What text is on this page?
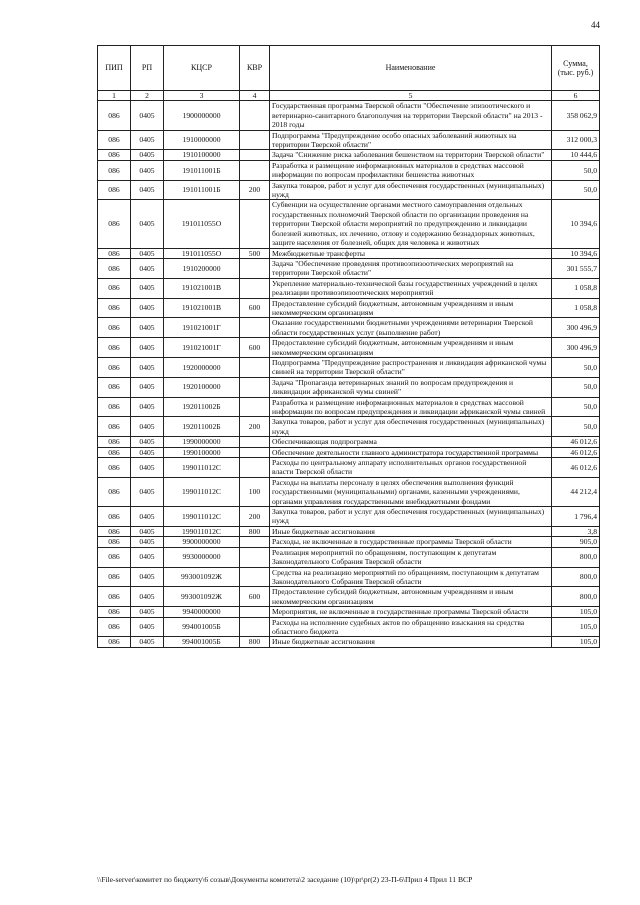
44
ПИП	РП	КЦСР	КВР	Наименование	Сумма, (тыс. руб.)
1	2	3	4	5	6
086	0405	1900000000		Государственная программа Тверской области "Обеспечение эпизоотического и ветеринарно-санитарного благополучия на территории Тверской области" на 2013 - 2018 годы	358 062,9
086	0405	1910000000		Подпрограмма "Предупреждение особо опасных заболеваний животных на территории Тверской области"	312 000,3
086	0405	1910100000		Задача "Снижение риска заболевания бешенством на территории Тверской области"	10 444,6
086	0405	191011001Б		Разработка и размещение информационных материалов в средствах массовой информации по вопросам профилактики бешенства животных	50,0
086	0405	191011001Б	200	Закупка товаров, работ и услуг для обеспечения государственных (муниципальных) нужд	50,0
086	0405	191011055О		Субвенции на осуществление органами местного самоуправления отдельных государственных полномочий Тверской области по организации проведения на территории Тверской области мероприятий по предупреждению и ликвидации болезней животных, их лечению, отлову и содержанию безнадзорных животных, защите населения от болезней, общих для человека и животных	10 394,6
086	0405	191011055О	500	Межбюджетные трансферты	10 394,6
086	0405	1910200000		Задача "Обеспечение проведения противоэпизоотических мероприятий на территории Тверской области"	301 555,7
086	0405	191021001В		Укрепление материально-технической базы государственных учреждений в целях реализации противоэпизоотических мероприятий	1 058,8
086	0405	191021001В	600	Предоставление субсидий бюджетным, автономным учреждениям и иным некоммерческим организациям	1 058,8
086	0405	191021001Г		Оказание государственными бюджетными учреждениями ветеринарии Тверской области государственных услуг (выполнение работ)	300 496,9
086	0405	191021001Г	600	Предоставление субсидий бюджетным, автономным учреждениям и иным некоммерческим организациям	300 496,9
086	0405	1920000000		Подпрограмма "Предупреждение распространения и ликвидация африканской чумы свиней на территории Тверской области"	50,0
086	0405	1920100000		Задача "Пропаганда ветеринарных знаний по вопросам предупреждения и ликвидации африканской чумы свиней"	50,0
086	0405	192011002Б		Разработка и размещение информационных материалов в средствах массовой информации по вопросам предупреждения и ликвидации африканской чумы свиней	50,0
086	0405	192011002Б	200	Закупка товаров, работ и услуг для обеспечения государственных (муниципальных) нужд	50,0
086	0405	1990000000		Обеспечивающая подпрограмма	46 012,6
086	0405	1990100000		Обеспечение деятельности главного администратора государственной программы	46 012,6
086	0405	199011012С		Расходы по центральному аппарату исполнительных органов государственной власти Тверской области	46 012,6
086	0405	199011012С	100	Расходы на выплаты персоналу в целях обеспечения выполнения функций государственными (муниципальными) органами, казенными учреждениями, органами управления государственными внебюджетными фондами	44 212,4
086	0405	199011012С	200	Закупка товаров, работ и услуг для обеспечения государственных (муниципальных) нужд	1 796,4
086	0405	199011012С	800	Иные бюджетные ассигнования	3,8
086	0405	9900000000		Расходы, не включенные в государственные программы Тверской области	905,0
086	0405	9930000000		Реализация мероприятий по обращениям, поступающим к депутатам Законодательного Собрания Тверской области	800,0
086	0405	993001092Ж		Средства на реализацию мероприятий по обращениям, поступающим к депутатам Законодательного Собрания Тверской области	800,0
086	0405	993001092Ж	600	Предоставление субсидий бюджетным, автономным учреждениям и иным некоммерческим организациям	800,0
086	0405	9940000000		Мероприятия, не включенные в государственные программы Тверской области	105,0
086	0405	994001005Б		Расходы на исполнение судебных актов по обращению взыскания на средства областного бюджета	105,0
086	0405	994001005Б	800	Иные бюджетные ассигнования	105,0
\\File-server\комитет по бюджету\6 созыв\Документы комитета\2 заседание (10)\pr\pr(2) 23-П-6\Прил 4 Прил 11 ВСР
